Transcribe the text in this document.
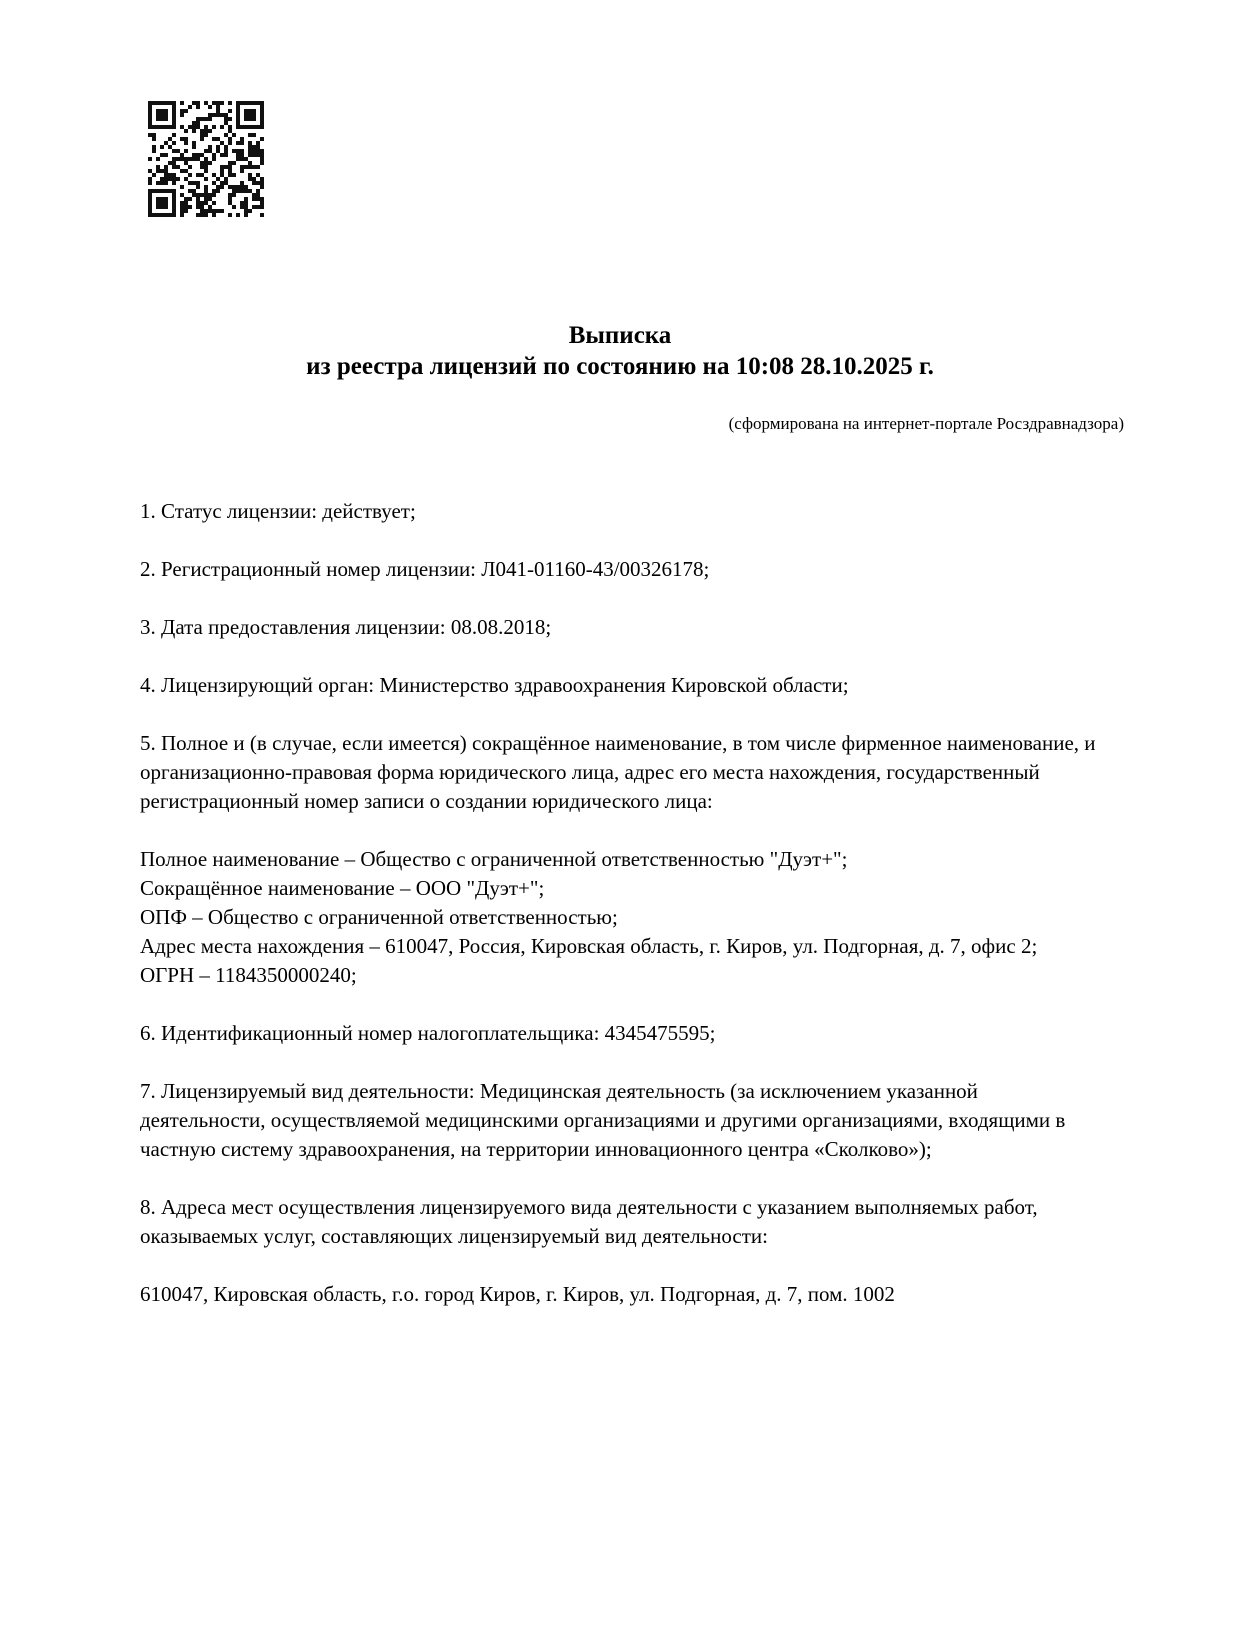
Выписка
из реестра лицензий по состоянию на 10:08 28.10.2025 г.
(сформирована на интернет-портале Росздравнадзора)

1. Статус лицензии: действует;

2. Регистрационный номер лицензии: Л041-01160-43/00326178;

3. Дата предоставления лицензии: 08.08.2018;

4. Лицензирующий орган: Министерство здравоохранения Кировской области;

5. Полное и (в случае, если имеется) сокращённое наименование, в том числе фирменное наименование, и организационно-правовая форма юридического лица, адрес его места нахождения, государственный регистрационный номер записи о создании юридического лица:

Полное наименование – Общество с ограниченной ответственностью "Дуэт+";
Сокращённое наименование – ООО "Дуэт+";
ОПФ – Общество с ограниченной ответственностью;
Адрес места нахождения – 610047, Россия, Кировская область, г. Киров, ул. Подгорная, д. 7, офис 2;
ОГРН – 1184350000240;

6. Идентификационный номер налогоплательщика: 4345475595;

7. Лицензируемый вид деятельности: Медицинская деятельность (за исключением указанной деятельности, осуществляемой медицинскими организациями и другими организациями, входящими в частную систему здравоохранения, на территории инновационного центра «Сколково»);

8. Адреса мест осуществления лицензируемого вида деятельности с указанием выполняемых работ, оказываемых услуг, составляющих лицензируемый вид деятельности:

610047, Кировская область, г.о. город Киров, г. Киров, ул. Подгорная, д. 7, пом. 1002
